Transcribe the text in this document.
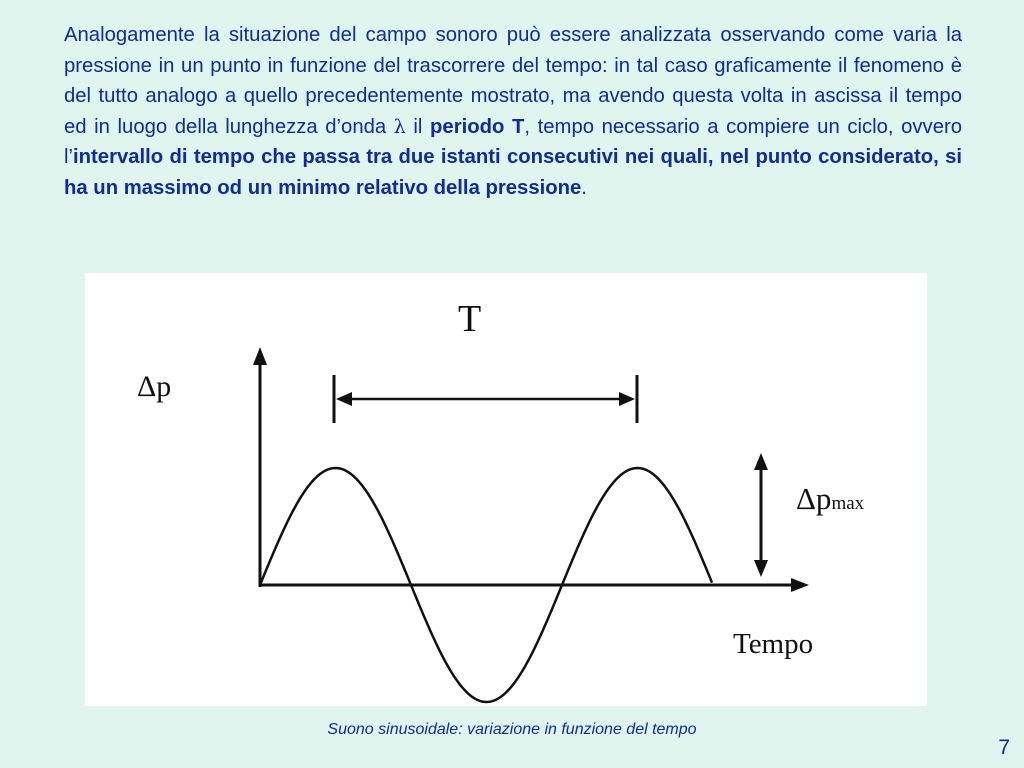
Analogamente la situazione del campo sonoro può essere analizzata osservando come varia la pressione in un punto in funzione del trascorrere del tempo: in tal caso graficamente il fenomeno è del tutto analogo a quello precedentemente mostrato, ma avendo questa volta in ascissa il tempo ed in luogo della lunghezza d’onda λ il periodo T, tempo necessario a compiere un ciclo, ovvero l’intervallo di tempo che passa tra due istanti consecutivi nei quali, nel punto considerato, si ha un massimo od un minimo relativo della pressione.

T
Δp
Δpmax
Tempo
Suono sinusoidale: variazione in funzione del tempo
7
